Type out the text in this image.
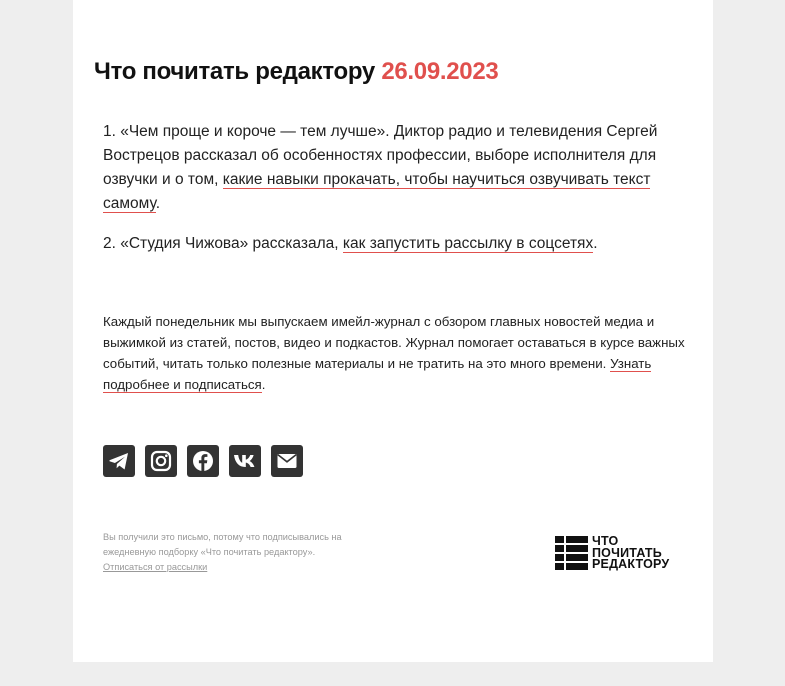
Что почитать редактору 26.09.2023
1. «Чем проще и короче — тем лучше». Диктор радио и телевидения Сергей Вострецов рассказал об особенностях профессии, выборе исполнителя для озвучки и о том, какие навыки прокачать, чтобы научиться озвучивать текст самому.
2. «Студия Чижова» рассказала, как запустить рассылку в соцсетях.
Каждый понедельник мы выпускаем имейл-журнал с обзором главных новостей медиа и выжимкой из статей, постов, видео и подкастов. Журнал помогает оставаться в курсе важных событий, читать только полезные материалы и не тратить на это много времени. Узнать подробнее и подписаться.
Вы получили это письмо, потому что подписывались на ежедневную подборку «Что почитать редактору».
Отписаться от рассылки
ЧТО
ПОЧИТАТЬ
РЕДАКТОРУ
